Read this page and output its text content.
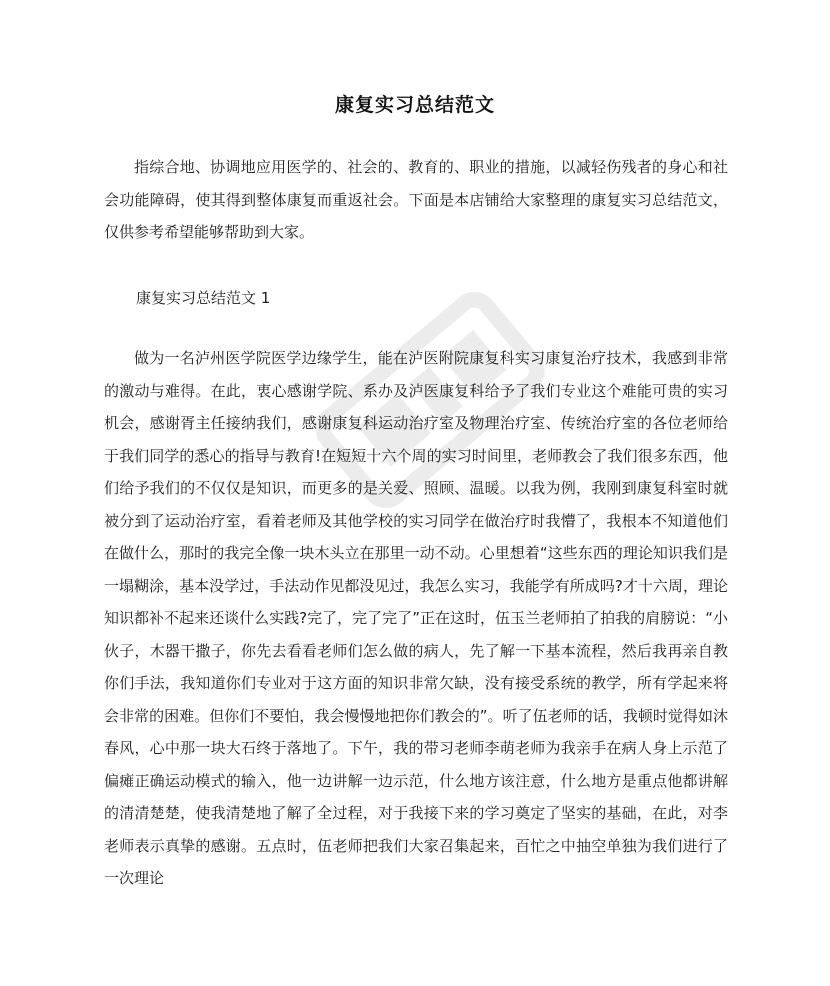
康复实习总结范文

指综合地、协调地应用医学的、社会的、教育的、职业的措施，以减轻伤残者的身心和社会功能障碍，使其得到整体康复而重返社会。下面是本店铺给大家整理的康复实习总结范文，仅供参考希望能够帮助到大家。

康复实习总结范文 1

做为一名泸州医学院医学边缘学生，能在泸医附院康复科实习康复治疗技术，我感到非常的激动与难得。在此，衷心感谢学院、系办及泸医康复科给予了我们专业这个难能可贵的实习机会，感谢胥主任接纳我们，感谢康复科运动治疗室及物理治疗室、传统治疗室的各位老师给于我们同学的悉心的指导与教育!在短短十六个周的实习时间里，老师教会了我们很多东西，他们给予我们的不仅仅是知识，而更多的是关爱、照顾、温暖。以我为例，我刚到康复科室时就被分到了运动治疗室，看着老师及其他学校的实习同学在做治疗时我懵了，我根本不知道他们在做什么，那时的我完全像一块木头立在那里一动不动。心里想着“这些东西的理论知识我们是一塌糊涂，基本没学过，手法动作见都没见过，我怎么实习，我能学有所成吗?才十六周，理论知识都补不起来还谈什么实践?完了，完了完了”正在这时，伍玉兰老师拍了拍我的肩膀说：“小伙子，木器干撒子，你先去看看老师们怎么做的病人，先了解一下基本流程，然后我再亲自教你们手法，我知道你们专业对于这方面的知识非常欠缺，没有接受系统的教学，所有学起来将会非常的困难。但你们不要怕，我会慢慢地把你们教会的”。听了伍老师的话，我顿时觉得如沐春风，心中那一块大石终于落地了。下午，我的带习老师李萌老师为我亲手在病人身上示范了偏瘫正确运动模式的输入，他一边讲解一边示范，什么地方该注意，什么地方是重点他都讲解的清清楚楚，使我清楚地了解了全过程，对于我接下来的学习奠定了坚实的基础，在此，对李老师表示真挚的感谢。五点时，伍老师把我们大家召集起来，百忙之中抽空单独为我们进行了一次理论
